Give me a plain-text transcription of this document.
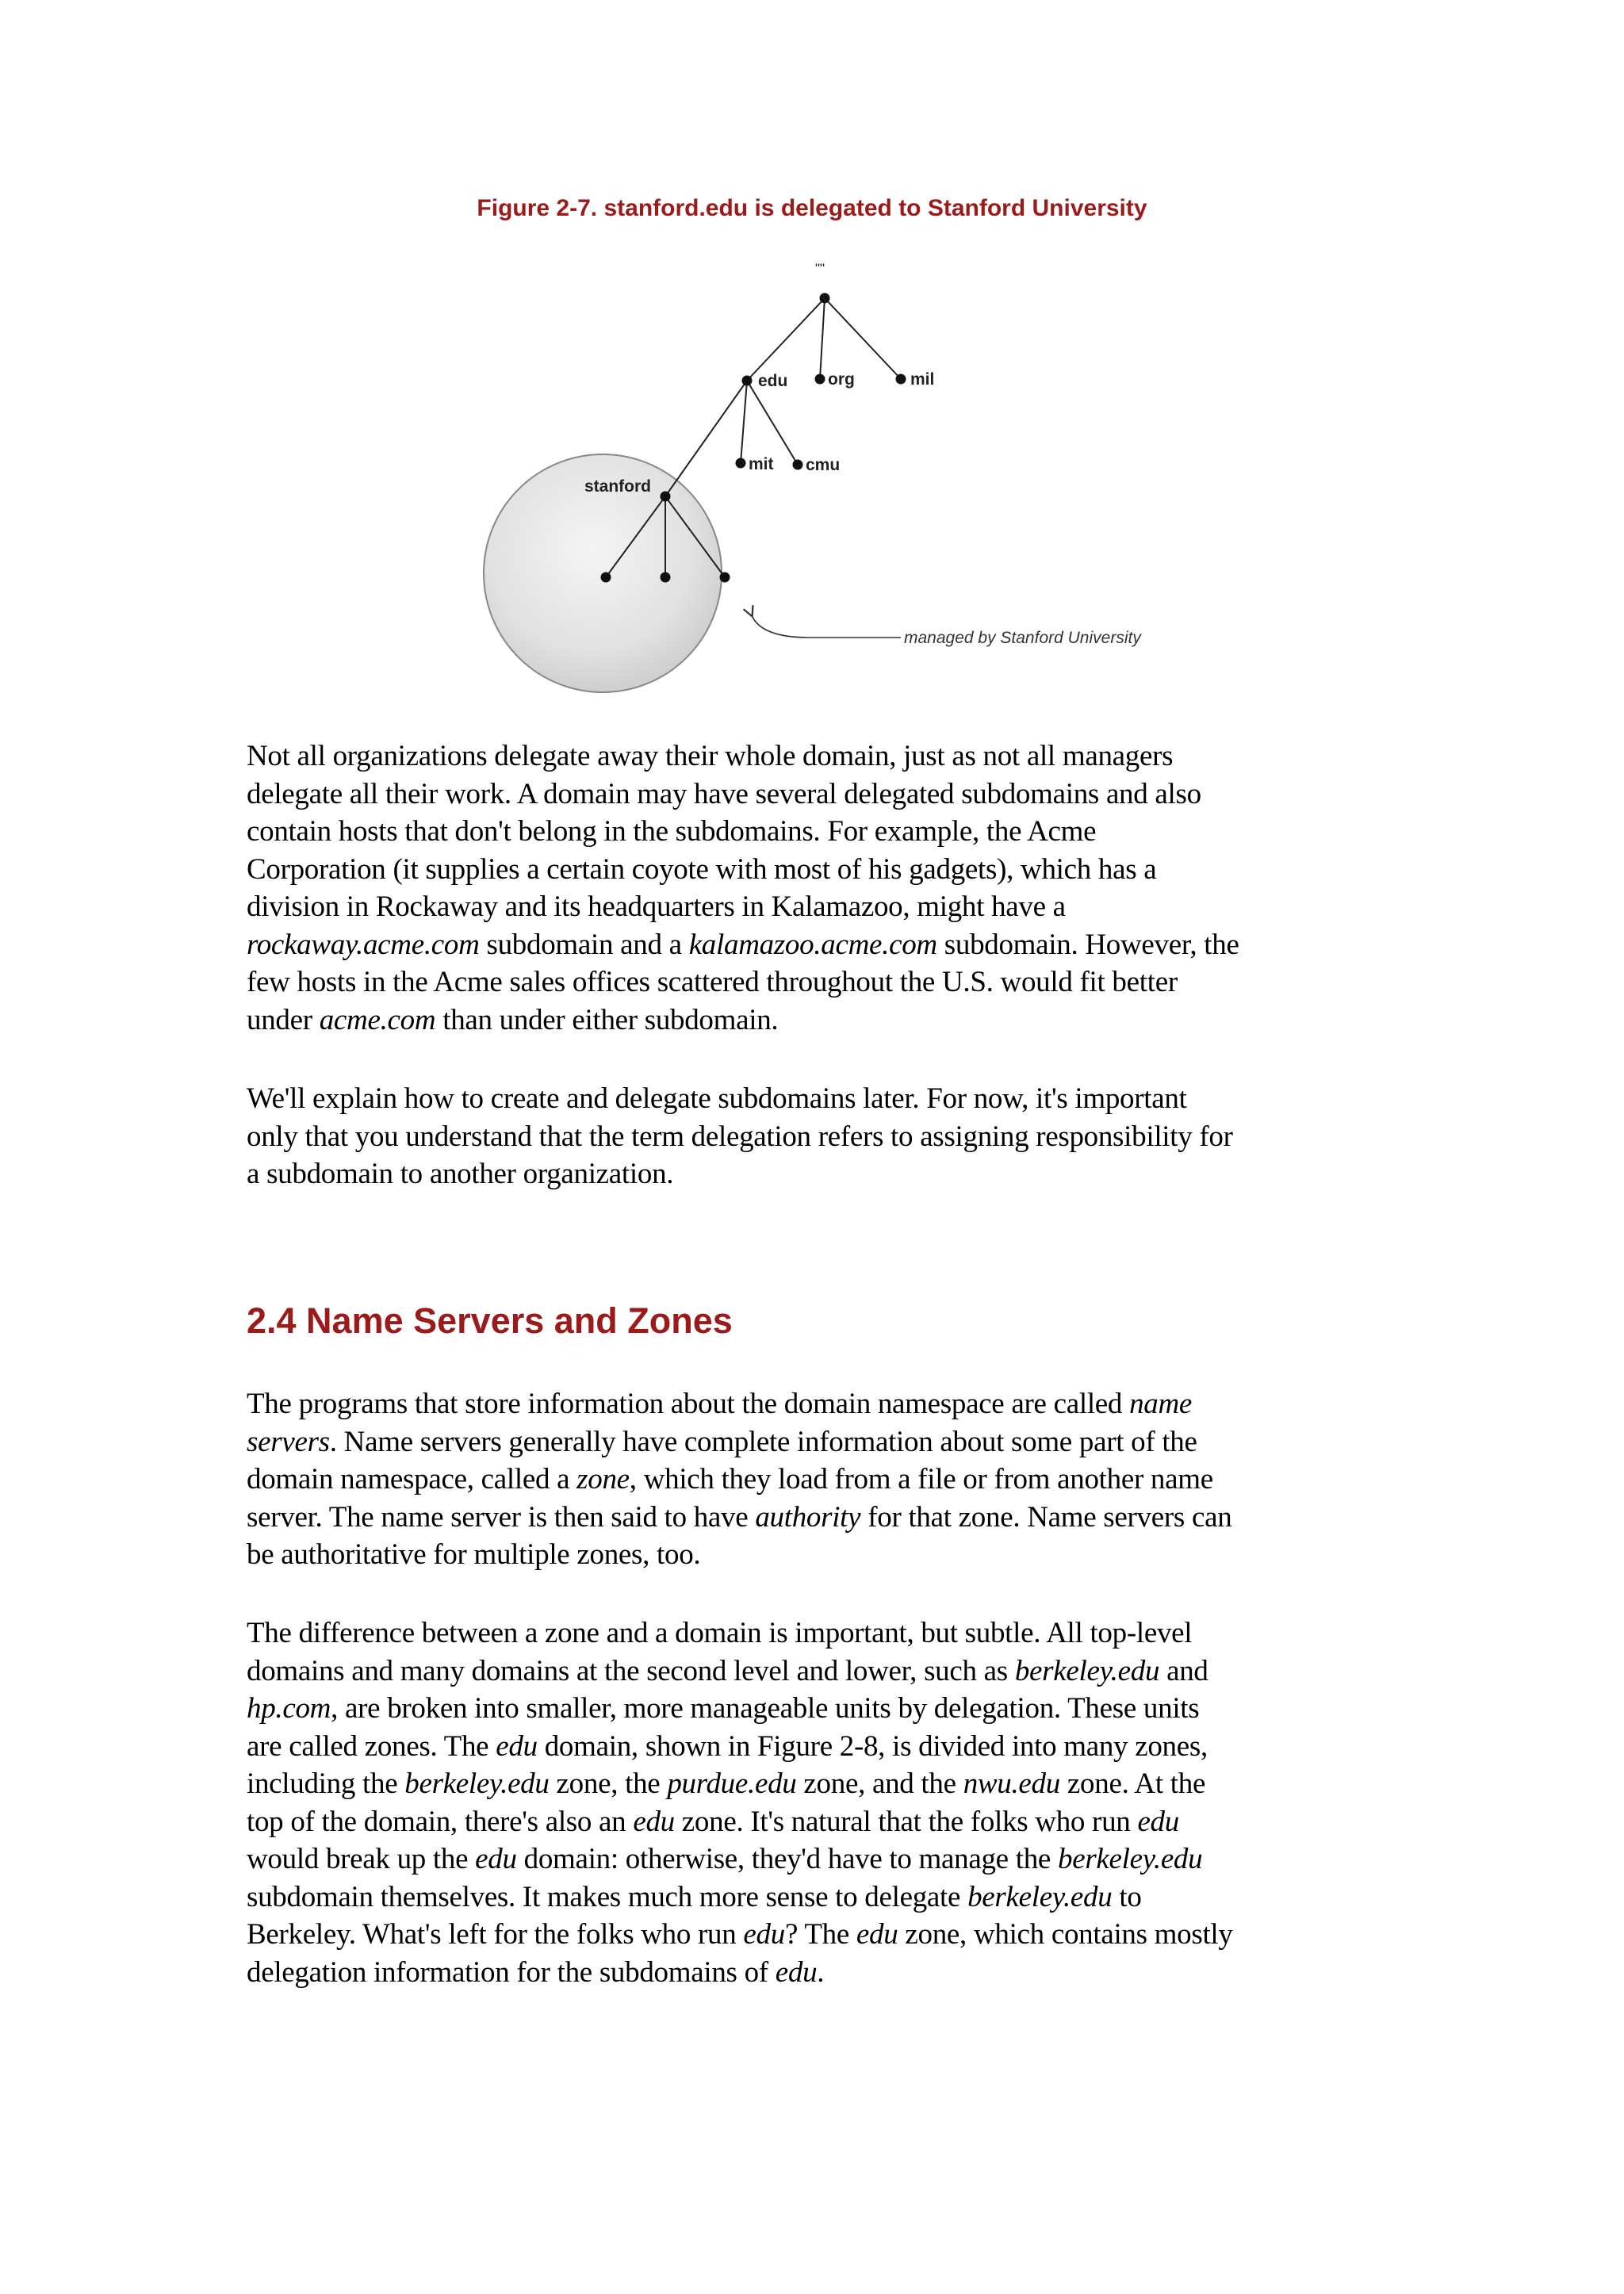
Figure 2-7. stanford.edu is delegated to Stanford University
""
edu org	mil
mit cmu
stanford
managed by Stanford University
Not all organizations delegate away their whole domain, just as not all managers
delegate all their work. A domain may have several delegated subdomains and also
contain hosts that don't belong in the subdomains. For example, the Acme
Corporation (it supplies a certain coyote with most of his gadgets), which has a
division in Rockaway and its headquarters in Kalamazoo, might have a
rockaway.acme.com subdomain and a kalamazoo.acme.com subdomain. However, the
few hosts in the Acme sales offices scattered throughout the U.S. would fit better
under acme.com than under either subdomain.
We'll explain how to create and delegate subdomains later. For now, it's important
only that you understand that the term delegation refers to assigning responsibility for
a subdomain to another organization.
2.4 Name Servers and Zones
The programs that store information about the domain namespace are called name
servers. Name servers generally have complete information about some part of the
domain namespace, called a zone, which they load from a file or from another name
server. The name server is then said to have authority for that zone. Name servers can
be authoritative for multiple zones, too.
The difference between a zone and a domain is important, but subtle. All top-level
domains and many domains at the second level and lower, such as berkeley.edu and
hp.com, are broken into smaller, more manageable units by delegation. These units
are called zones. The edu domain, shown in Figure 2-8, is divided into many zones,
including the berkeley.edu zone, the purdue.edu zone, and the nwu.edu zone. At the
top of the domain, there's also an edu zone. It's natural that the folks who run edu
would break up the edu domain: otherwise, they'd have to manage the berkeley.edu
subdomain themselves. It makes much more sense to delegate berkeley.edu to
Berkeley. What's left for the folks who run edu? The edu zone, which contains mostly
delegation information for the subdomains of edu.
